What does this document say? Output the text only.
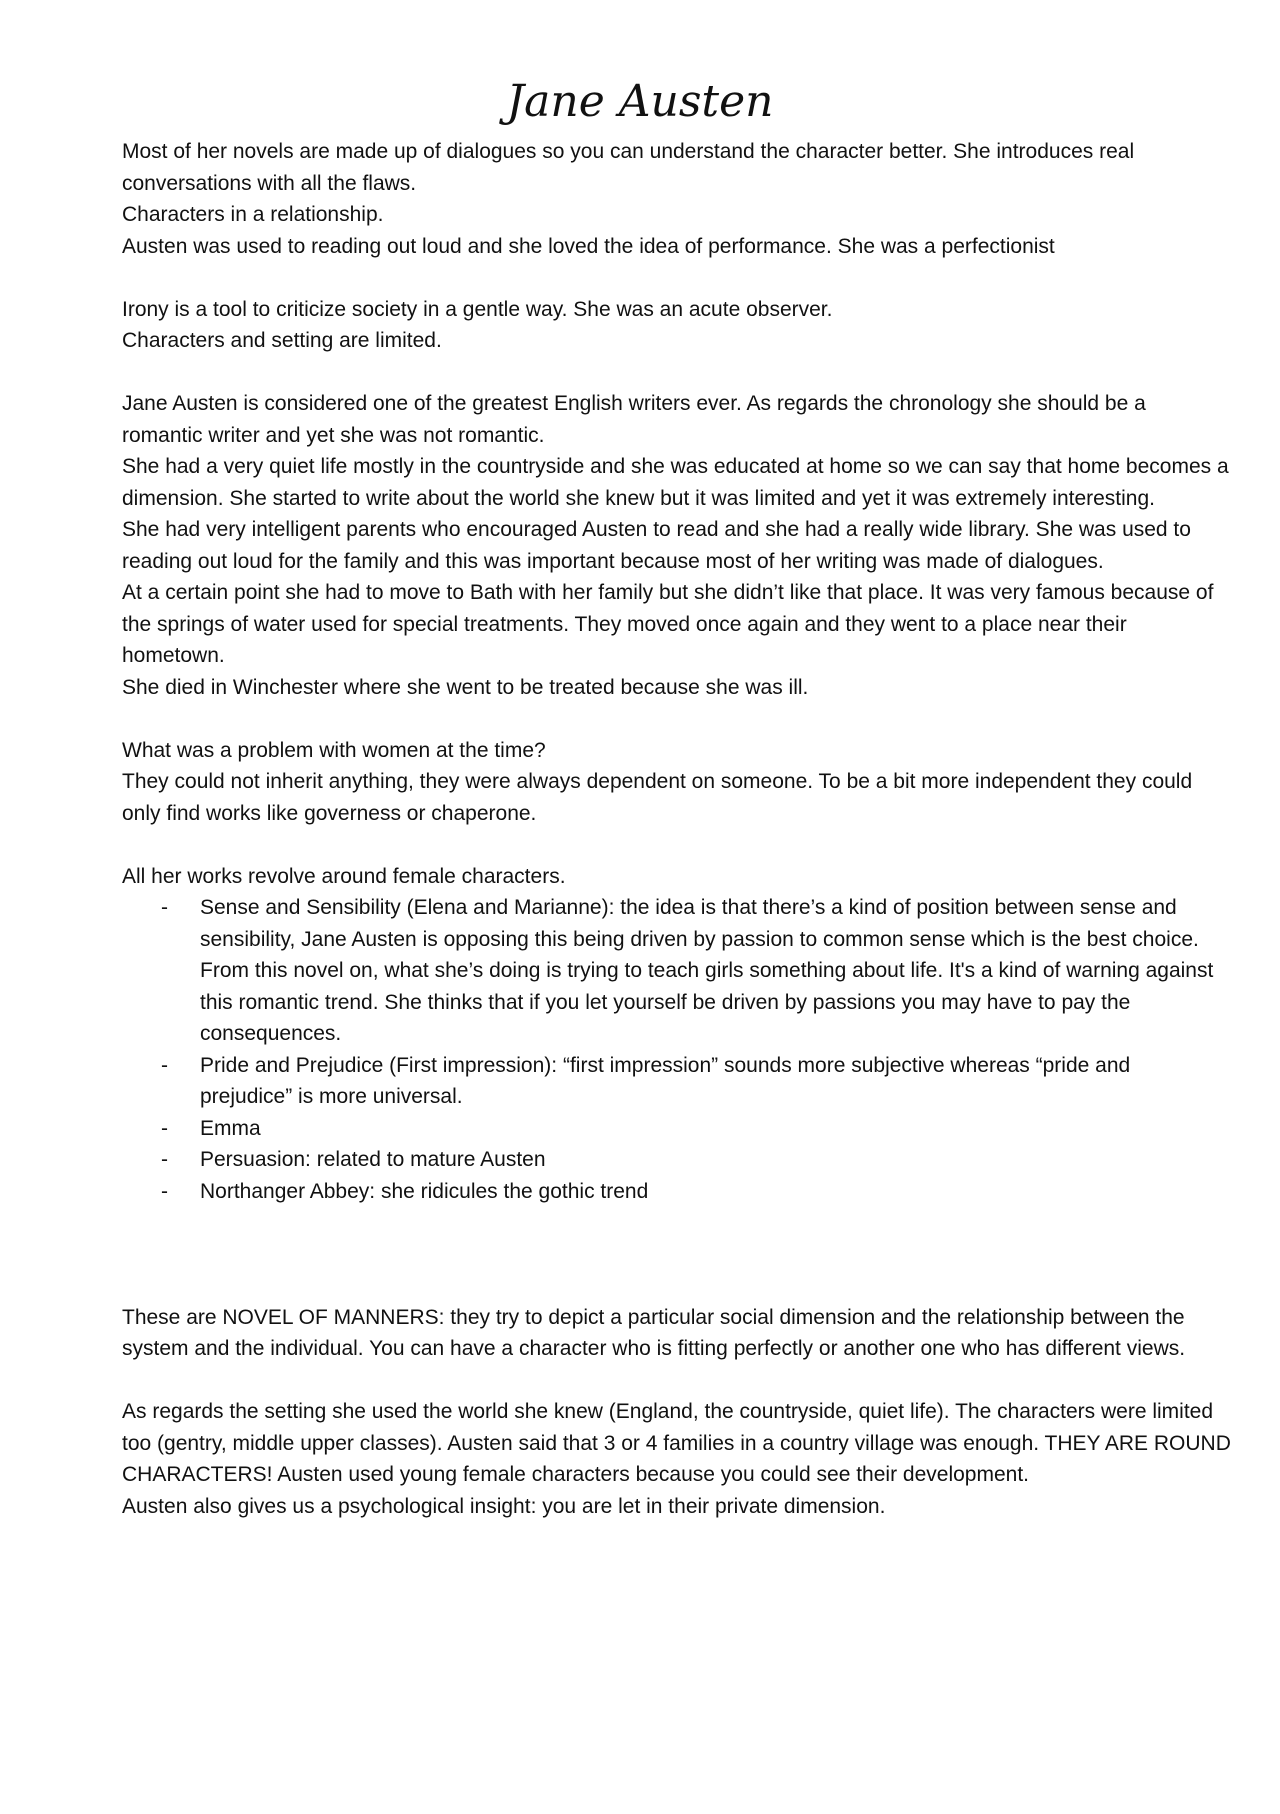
Jane Austen

Most of her novels are made up of dialogues so you can understand the character better. She introduces real conversations with all the flaws.

Characters in a relationship.

Austen was used to reading out loud and she loved the idea of performance. She was a perfectionist

Irony is a tool to criticize society in a gentle way. She was an acute observer.

Characters and setting are limited.

Jane Austen is considered one of the greatest English writers ever. As regards the chronology she should be a romantic writer and yet she was not romantic.

She had a very quiet life mostly in the countryside and she was educated at home so we can say that home becomes a dimension. She started to write about the world she knew but it was limited and yet it was extremely interesting.

She had very intelligent parents who encouraged Austen to read and she had a really wide library. She was used to reading out loud for the family and this was important because most of her writing was made of dialogues.

At a certain point she had to move to Bath with her family but she didn’t like that place. It was very famous because of the springs of water used for special treatments. They moved once again and they went to a place near their hometown.

She died in Winchester where she went to be treated because she was ill.

What was a problem with women at the time?

They could not inherit anything, they were always dependent on someone. To be a bit more independent they could only find works like governess or chaperone.

All her works revolve around female characters.

- Sense and Sensibility (Elena and Marianne): the idea is that there’s a kind of position between sense and sensibility, Jane Austen is opposing this being driven by passion to common sense which is the best choice. From this novel on, what she’s doing is trying to teach girls something about life. It's a kind of warning against this romantic trend. She thinks that if you let yourself be driven by passions you may have to pay the consequences.
- Pride and Prejudice (First impression): “first impression” sounds more subjective whereas “pride and prejudice” is more universal.
- Emma
- Persuasion: related to mature Austen
- Northanger Abbey: she ridicules the gothic trend

These are NOVEL OF MANNERS: they try to depict a particular social dimension and the relationship between the system and the individual. You can have a character who is fitting perfectly or another one who has different views.

As regards the setting she used the world she knew (England, the countryside, quiet life). The characters were limited too (gentry, middle upper classes). Austen said that 3 or 4 families in a country village was enough. THEY ARE ROUND CHARACTERS! Austen used young female characters because you could see their development.

Austen also gives us a psychological insight: you are let in their private dimension.
